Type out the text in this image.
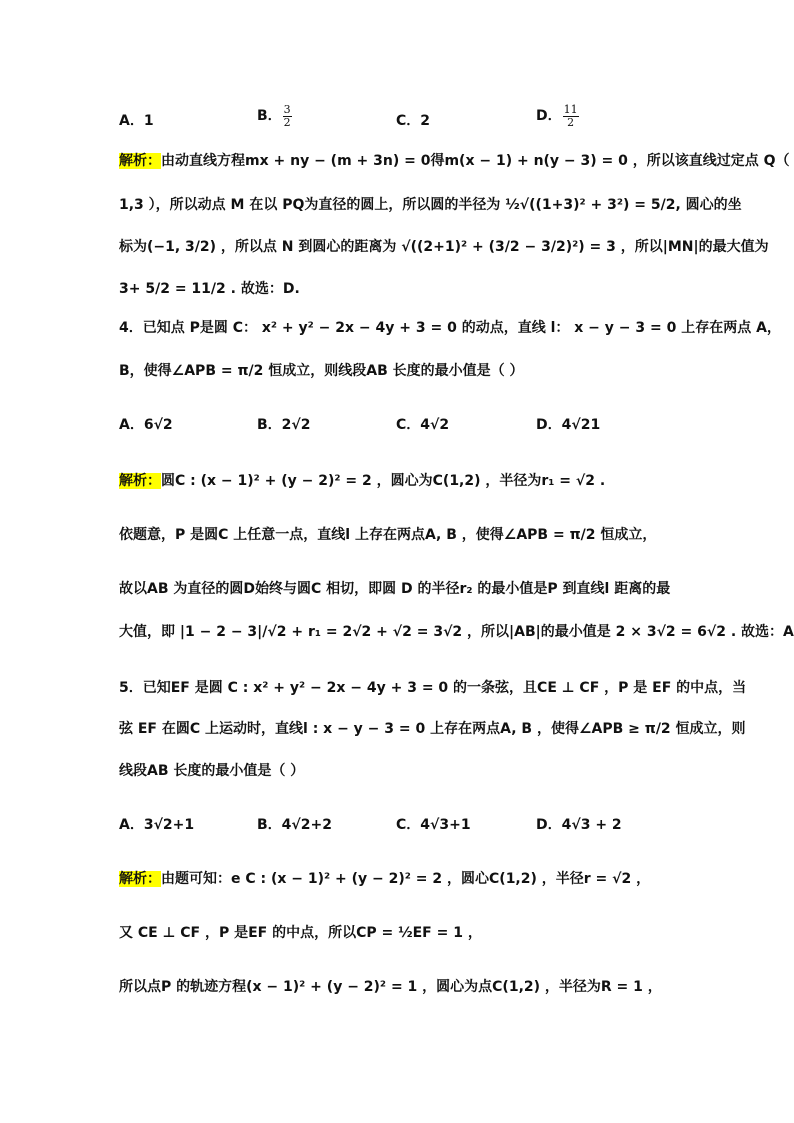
A．1	B． $\frac{3}{2}$	C．2	D． $\frac{11}{2}$
解析：由动直线方程mx + ny − (m + 3n) = 0得m(x − 1) + n(y − 3) = 0 ，所以该直线过定点 Q（
1,3 ），所以动点 M 在以 PQ为直径的圆上，所以圆的半径为 ½√((1+3)² + 3²) = 5/2, 圆心的坐
标为(−1, 3/2) ，所以点 N 到圆心的距离为 √((2+1)² + (3/2 − 3/2)²) = 3 ，所以|MN|的最大值为
3+ 5/2 = 11/2 . 故选：D.
4．已知点 P是圆 C： x² + y² − 2x − 4y + 3 = 0 的动点，直线 l： x − y − 3 = 0 上存在两点 A，
B，使得∠APB = π/2 恒成立，则线段AB 长度的最小值是（ ）
A．6√2	B．2√2	C．4√2	D．4√21
解析：圆C : (x − 1)² + (y − 2)² = 2 ，圆心为C(1,2) ，半径为r₁ = √2 .
依题意，P 是圆C 上任意一点，直线l 上存在两点A, B ，使得∠APB = π/2 恒成立，
故以AB 为直径的圆D始终与圆C 相切，即圆 D 的半径r₂ 的最小值是P 到直线l 距离的最
大值，即 |1 − 2 − 3|/√2 + r₁ = 2√2 + √2 = 3√2 ，所以|AB|的最小值是 2 × 3√2 = 6√2 . 故选：A
5．已知EF 是圆 C : x² + y² − 2x − 4y + 3 = 0 的一条弦，且CE ⊥ CF ，P 是 EF 的中点，当
弦 EF 在圆C 上运动时，直线l : x − y − 3 = 0 上存在两点A, B ，使得∠APB ≥ π/2 恒成立，则
线段AB 长度的最小值是（ ）
A．3√2+1	B．4√2+2	C．4√3+1	D．4√3 + 2
解析：由题可知：e C : (x − 1)² + (y − 2)² = 2 ，圆心C(1,2) ，半径r = √2 ，
又 CE ⊥ CF ，P 是EF 的中点，所以CP = ½EF = 1 ，
所以点P 的轨迹方程(x − 1)² + (y − 2)² = 1 ，圆心为点C(1,2) ，半径为R = 1 ，
